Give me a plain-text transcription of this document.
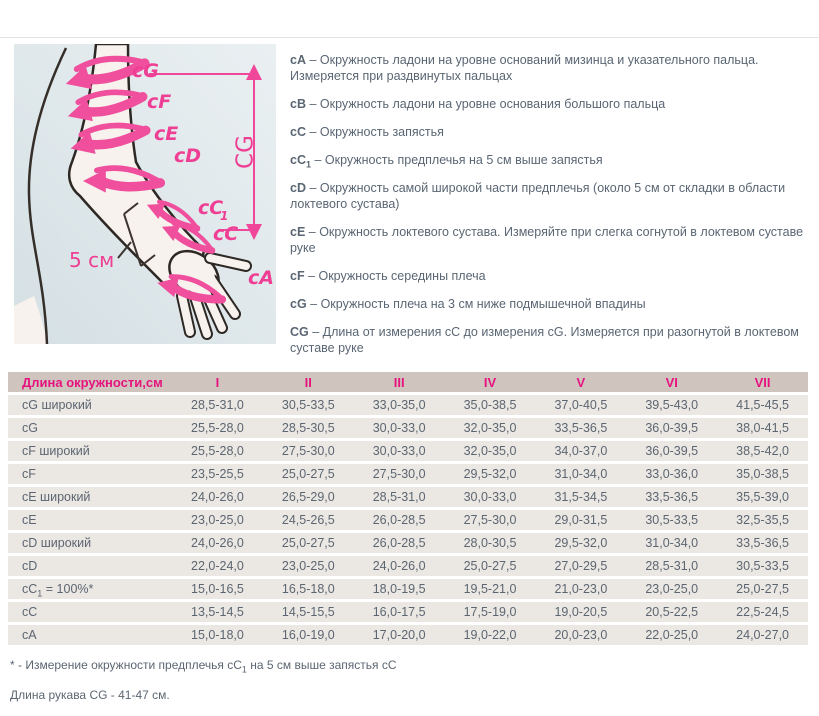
CG
5 см
cG
cF
cE
cD
cC
1
cC
cA

cA – Окружность ладони на уровне оснований мизинца и указательного пальца. Измеряется при раздвинутых пальцах

cB – Окружность ладони на уровне основания большого пальца

cC – Окружность запястья

$cC_1$ – Окружность предплечья на 5 см выше запястья

cD – Окружность самой широкой части предплечья (около 5 см от складки в области локтевого сустава)

cE – Окружность локтевого сустава. Измеряйте при слегка согнутой в локтевом суставе руке

cF – Окружность середины плеча

cG – Окружность плеча на 3 см ниже подмышечной впадины

CG – Длина от измерения сС до измерения сG. Измеряется при разогнутой в локтевом суставе руке

Длина окружности,см	I	II	III	IV	V	VI	VII
cG широкий	28,5-31,0	30,5-33,5	33,0-35,0	35,0-38,5	37,0-40,5	39,5-43,0	41,5-45,5
cG	25,5-28,0	28,5-30,5	30,0-33,0	32,0-35,0	33,5-36,5	36,0-39,5	38,0-41,5
cF широкий	25,5-28,0	27,5-30,0	30,0-33,0	32,0-35,0	34,0-37,0	36,0-39,5	38,5-42,0
cF	23,5-25,5	25,0-27,5	27,5-30,0	29,5-32,0	31,0-34,0	33,0-36,0	35,0-38,5
cE широкий	24,0-26,0	26,5-29,0	28,5-31,0	30,0-33,0	31,5-34,5	33,5-36,5	35,5-39,0
cE	23,0-25,0	24,5-26,5	26,0-28,5	27,5-30,0	29,0-31,5	30,5-33,5	32,5-35,5
cD широкий	24,0-26,0	25,0-27,5	26,0-28,5	28,0-30,5	29,5-32,0	31,0-34,0	33,5-36,5
cD	22,0-24,0	23,0-25,0	24,0-26,0	25,0-27,5	27,0-29,5	28,5-31,0	30,5-33,5
$cC_1 = 100\%*$	15,0-16,5	16,5-18,0	18,0-19,5	19,5-21,0	21,0-23,0	23,0-25,0	25,0-27,5
cC	13,5-14,5	14,5-15,5	16,0-17,5	17,5-19,0	19,0-20,5	20,5-22,5	22,5-24,5
cA	15,0-18,0	16,0-19,0	17,0-20,0	19,0-22,0	20,0-23,0	22,0-25,0	24,0-27,0

* - Измерение окружности предплечья $сС_1$ на 5 см выше запястья сС

Длина рукава CG - 41-47 см.
